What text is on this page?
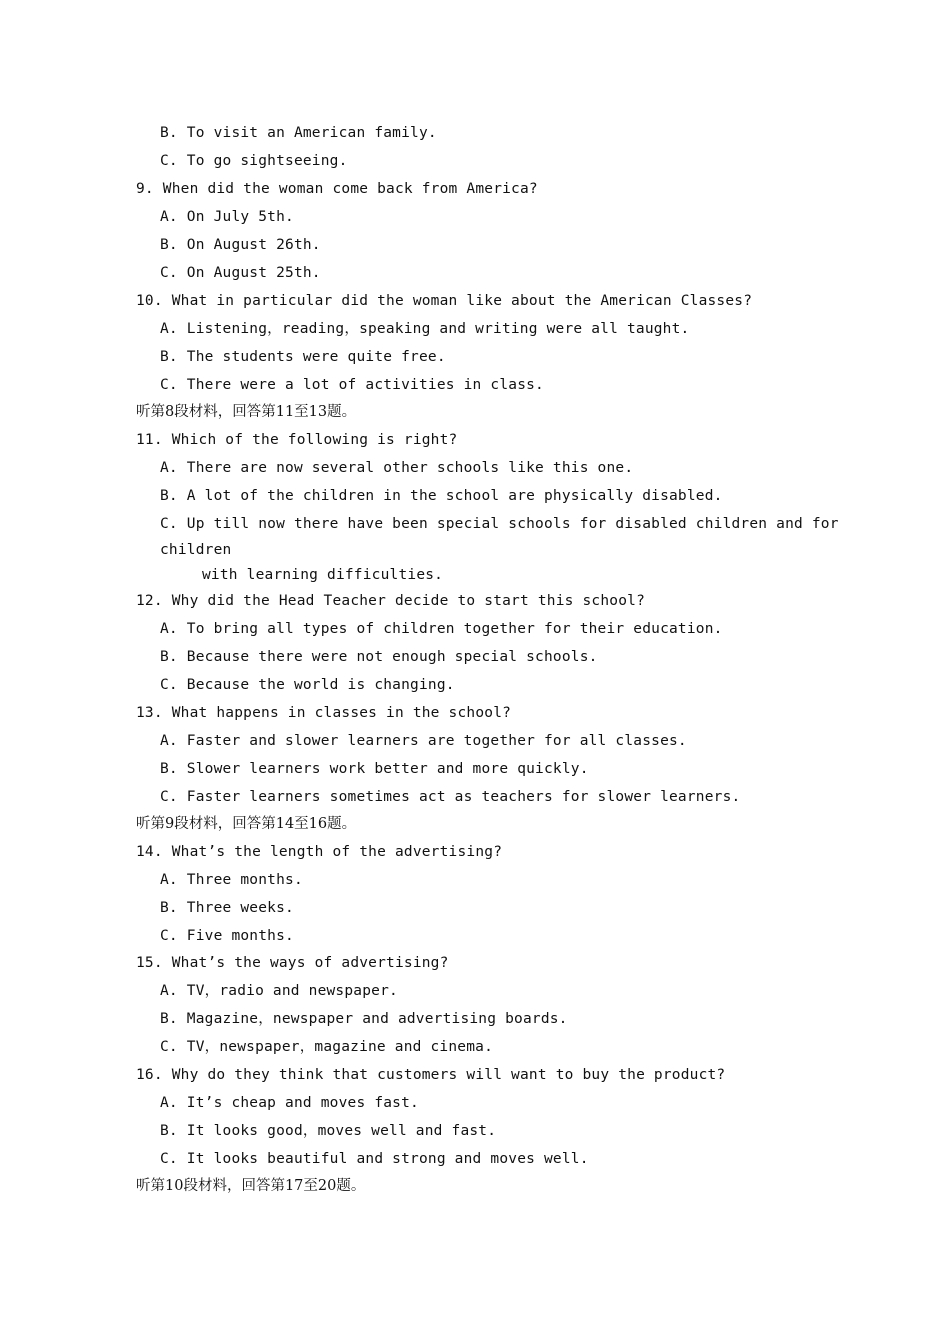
B. To visit an American family.
C. To go sightseeing.
9. When did the woman come back from America?
A. On July 5th.
B. On August 26th.
C. On August 25th.
10. What in particular did the woman like about the American Classes?
A. Listening，reading，speaking and writing were all taught.
B. The students were quite free.
C. There were a lot of activities in class.
听第8段材料，回答第11至13题。
11. Which of the following is right?
A. There are now several other schools like this one.
B. A lot of the children in the school are physically disabled.
C. Up till now there have been special schools for disabled children and for
children
with learning difficulties.
12. Why did the Head Teacher decide to start this school?
A. To bring all types of children together for their education.
B. Because there were not enough special schools.
C. Because the world is changing.
13. What happens in classes in the school?
A. Faster and slower learners are together for all classes.
B. Slower learners work better and more quickly.
C. Faster learners sometimes act as teachers for slower learners.
听第9段材料，回答第14至16题。
14. What’s the length of the advertising?
A. Three months.
B. Three weeks.
C. Five months.
15. What’s the ways of advertising?
A. TV，radio and newspaper.
B. Magazine，newspaper and advertising boards.
C. TV，newspaper，magazine and cinema.
16. Why do they think that customers will want to buy the product?
A. It’s cheap and moves fast.
B. It looks good，moves well and fast.
C. It looks beautiful and strong and moves well.
听第10段材料，回答第17至20题。
